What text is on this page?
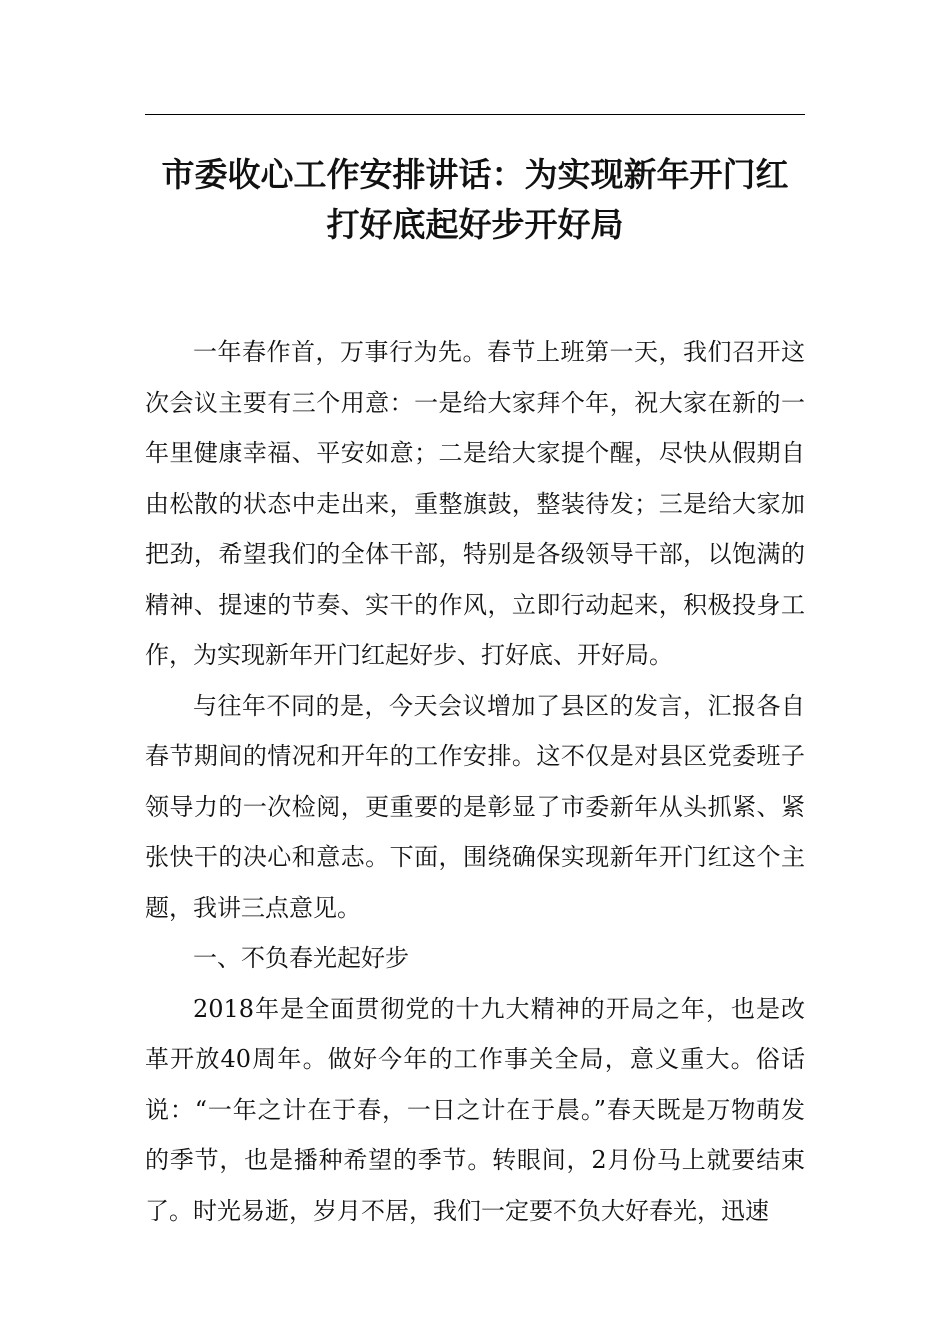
市委收心工作安排讲话：为实现新年开门红
打好底起好步开好局

一年春作首，万事行为先。春节上班第一天，我们召开这次会议主要有三个用意：一是给大家拜个年，祝大家在新的一年里健康幸福、平安如意；二是给大家提个醒，尽快从假期自由松散的状态中走出来，重整旗鼓，整装待发；三是给大家加把劲，希望我们的全体干部，特别是各级领导干部，以饱满的精神、提速的节奏、实干的作风，立即行动起来，积极投身工作，为实现新年开门红起好步、打好底、开好局。

与往年不同的是，今天会议增加了县区的发言，汇报各自春节期间的情况和开年的工作安排。这不仅是对县区党委班子领导力的一次检阅，更重要的是彰显了市委新年从头抓紧、紧张快干的决心和意志。下面，围绕确保实现新年开门红这个主题，我讲三点意见。

一、不负春光起好步

2018年是全面贯彻党的十九大精神的开局之年，也是改革开放40周年。做好今年的工作事关全局，意义重大。俗话说：“一年之计在于春，一日之计在于晨。”春天既是万物萌发的季节，也是播种希望的季节。转眼间，2月份马上就要结束了。时光易逝，岁月不居，我们一定要不负大好春光，迅速
